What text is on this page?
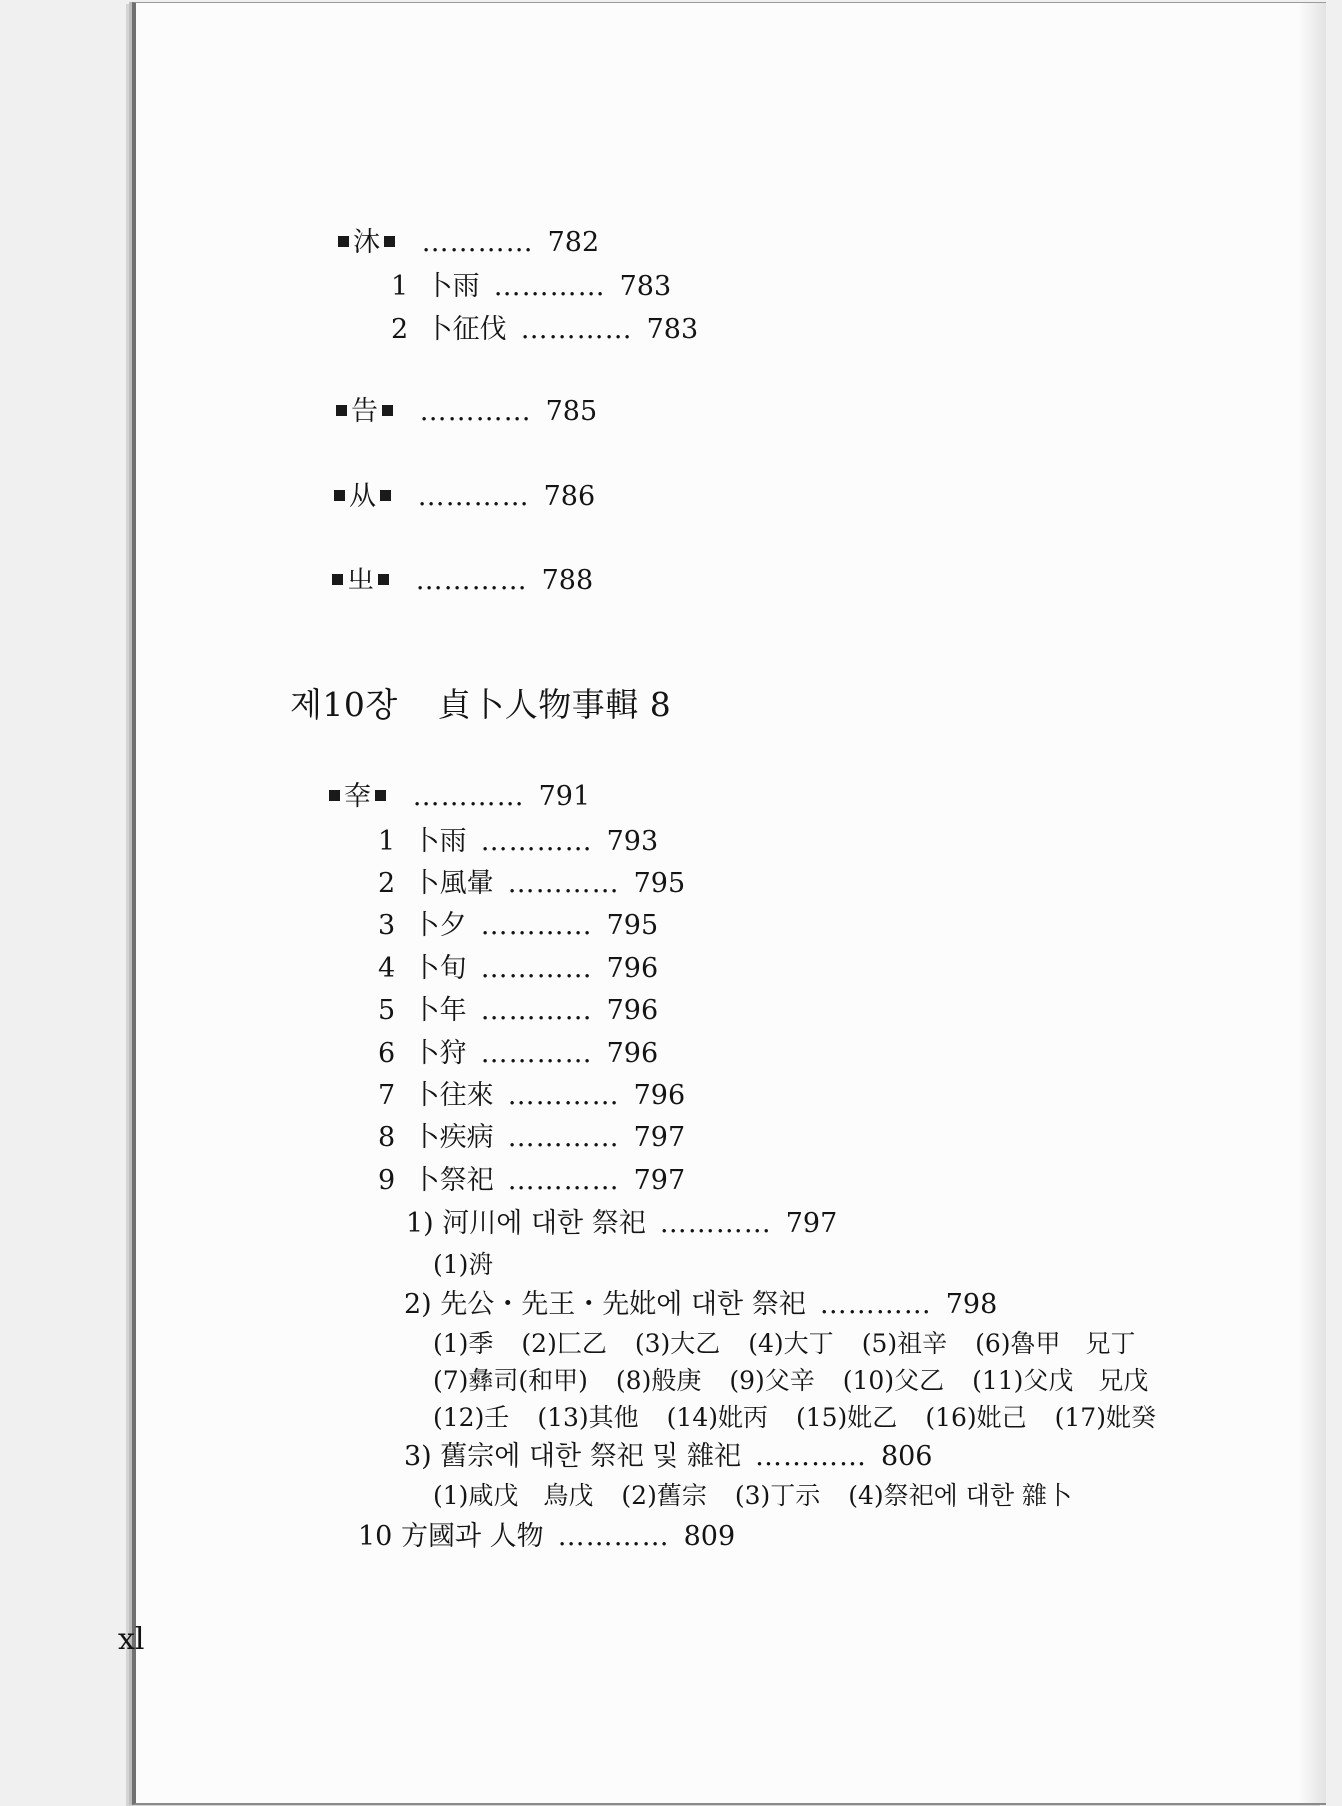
沐 ………… 782
1 卜雨 ………… 783
2 卜征伐 ………… 783
告 ………… 785
从 ………… 786
㞢 ………… 788
제10장 貞卜人物事輯 8
㚔 ………… 791
1 卜雨 ………… 793
2 卜風暈 ………… 795
3 卜夕 ………… 795
4 卜旬 ………… 796
5 卜年 ………… 796
6 卜狩 ………… 796
7 卜往來 ………… 796
8 卜疾病 ………… 797
9 卜祭祀 ………… 797
1) 河川에 대한 祭祀 ………… 797
(1)洀
2) 先公・先王・先妣에 대한 祭祀 ………… 798
(1)季 (2)匚乙 (3)大乙 (4)大丁 (5)祖辛 (6)魯甲　兄丁
(7)彝司(和甲) (8)般庚 (9)父辛 (10)父乙 (11)父戊　兄戊
(12)壬 (13)其他 (14)妣丙 (15)妣乙 (16)妣己 (17)妣癸
3) 舊宗에 대한 祭祀 및 雜祀 ………… 806
(1)咸戊　鳥戊 (2)舊宗 (3)丁示 (4)祭祀에 대한 雜卜
10 方國과 人物 ………… 809
xl
